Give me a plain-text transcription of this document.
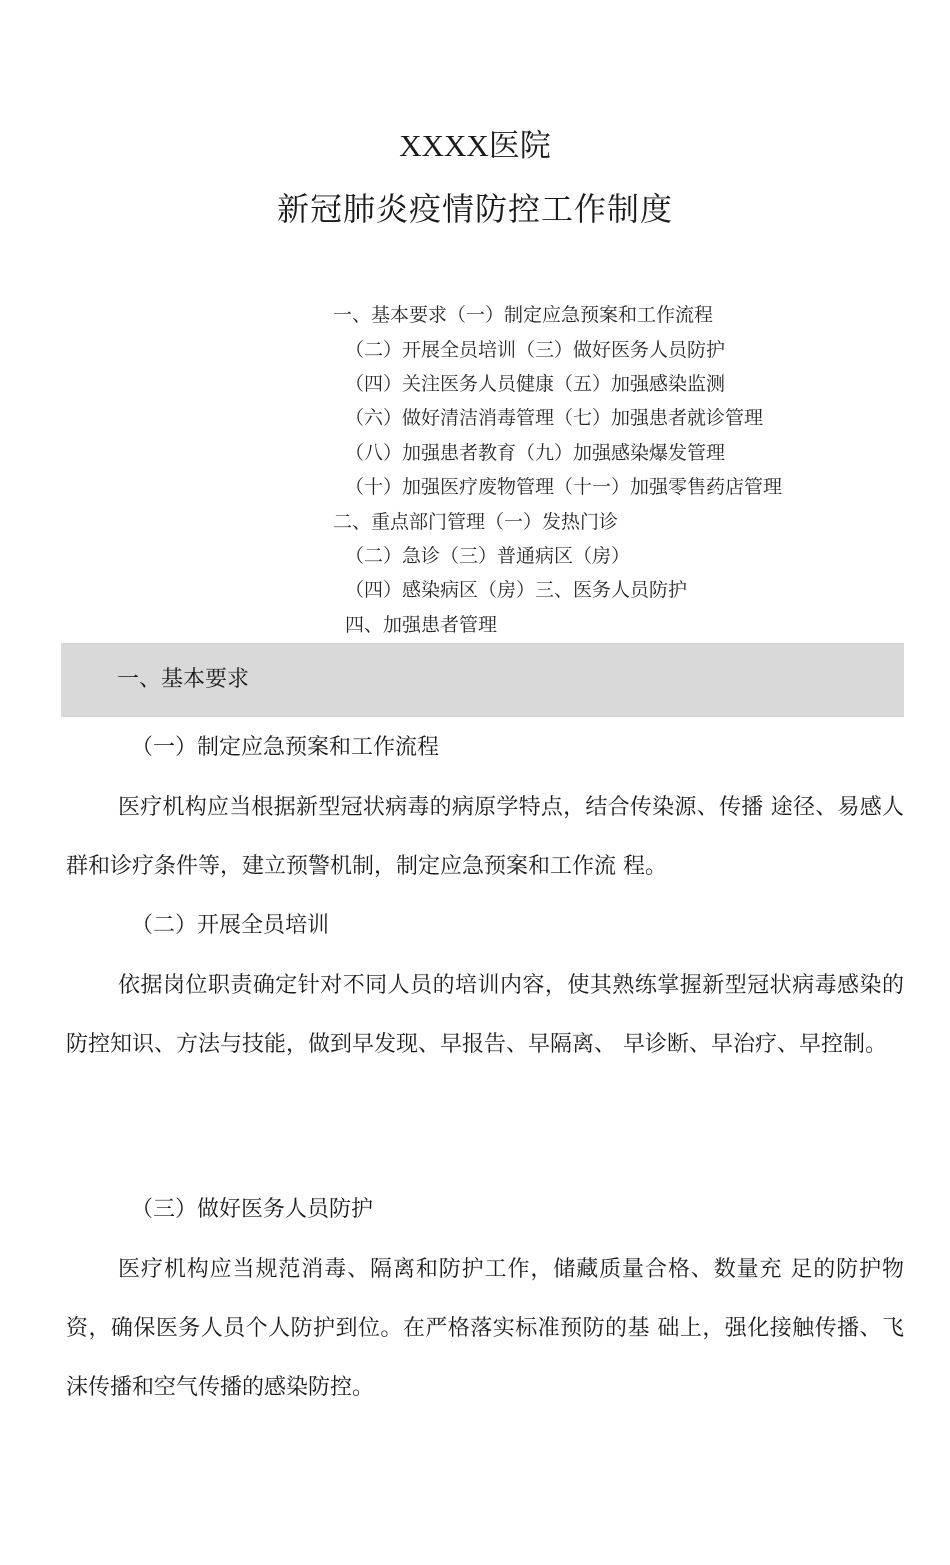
XXXX医院
新冠肺炎疫情防控工作制度
一、基本要求（一）制定应急预案和工作流程
（二）开展全员培训（三）做好医务人员防护
（四）关注医务人员健康（五）加强感染监测
（六）做好清洁消毒管理（七）加强患者就诊管理
（八）加强患者教育（九）加强感染爆发管理
（十）加强医疗废物管理（十一）加强零售药店管理
二、重点部门管理（一）发热门诊
（二）急诊（三）普通病区（房）
（四）感染病区（房）三、医务人员防护
四、加强患者管理
一、基本要求
（一）制定应急预案和工作流程

医疗机构应当根据新型冠状病毒的病原学特点，结合传染源、传播 途径、易感人群和诊疗条件等，建立预警机制，制定应急预案和工作流 程。

（二）开展全员培训

依据岗位职责确定针对不同人员的培训内容，使其熟练掌握新型冠状病毒感染的防控知识、方法与技能，做到早发现、早报告、早隔离、 早诊断、早治疗、早控制。

（三）做好医务人员防护

医疗机构应当规范消毒、隔离和防护工作，储藏质量合格、数量充 足的防护物资，确保医务人员个人防护到位。在严格落实标准预防的基 础上，强化接触传播、飞沫传播和空气传播的感染防控。
